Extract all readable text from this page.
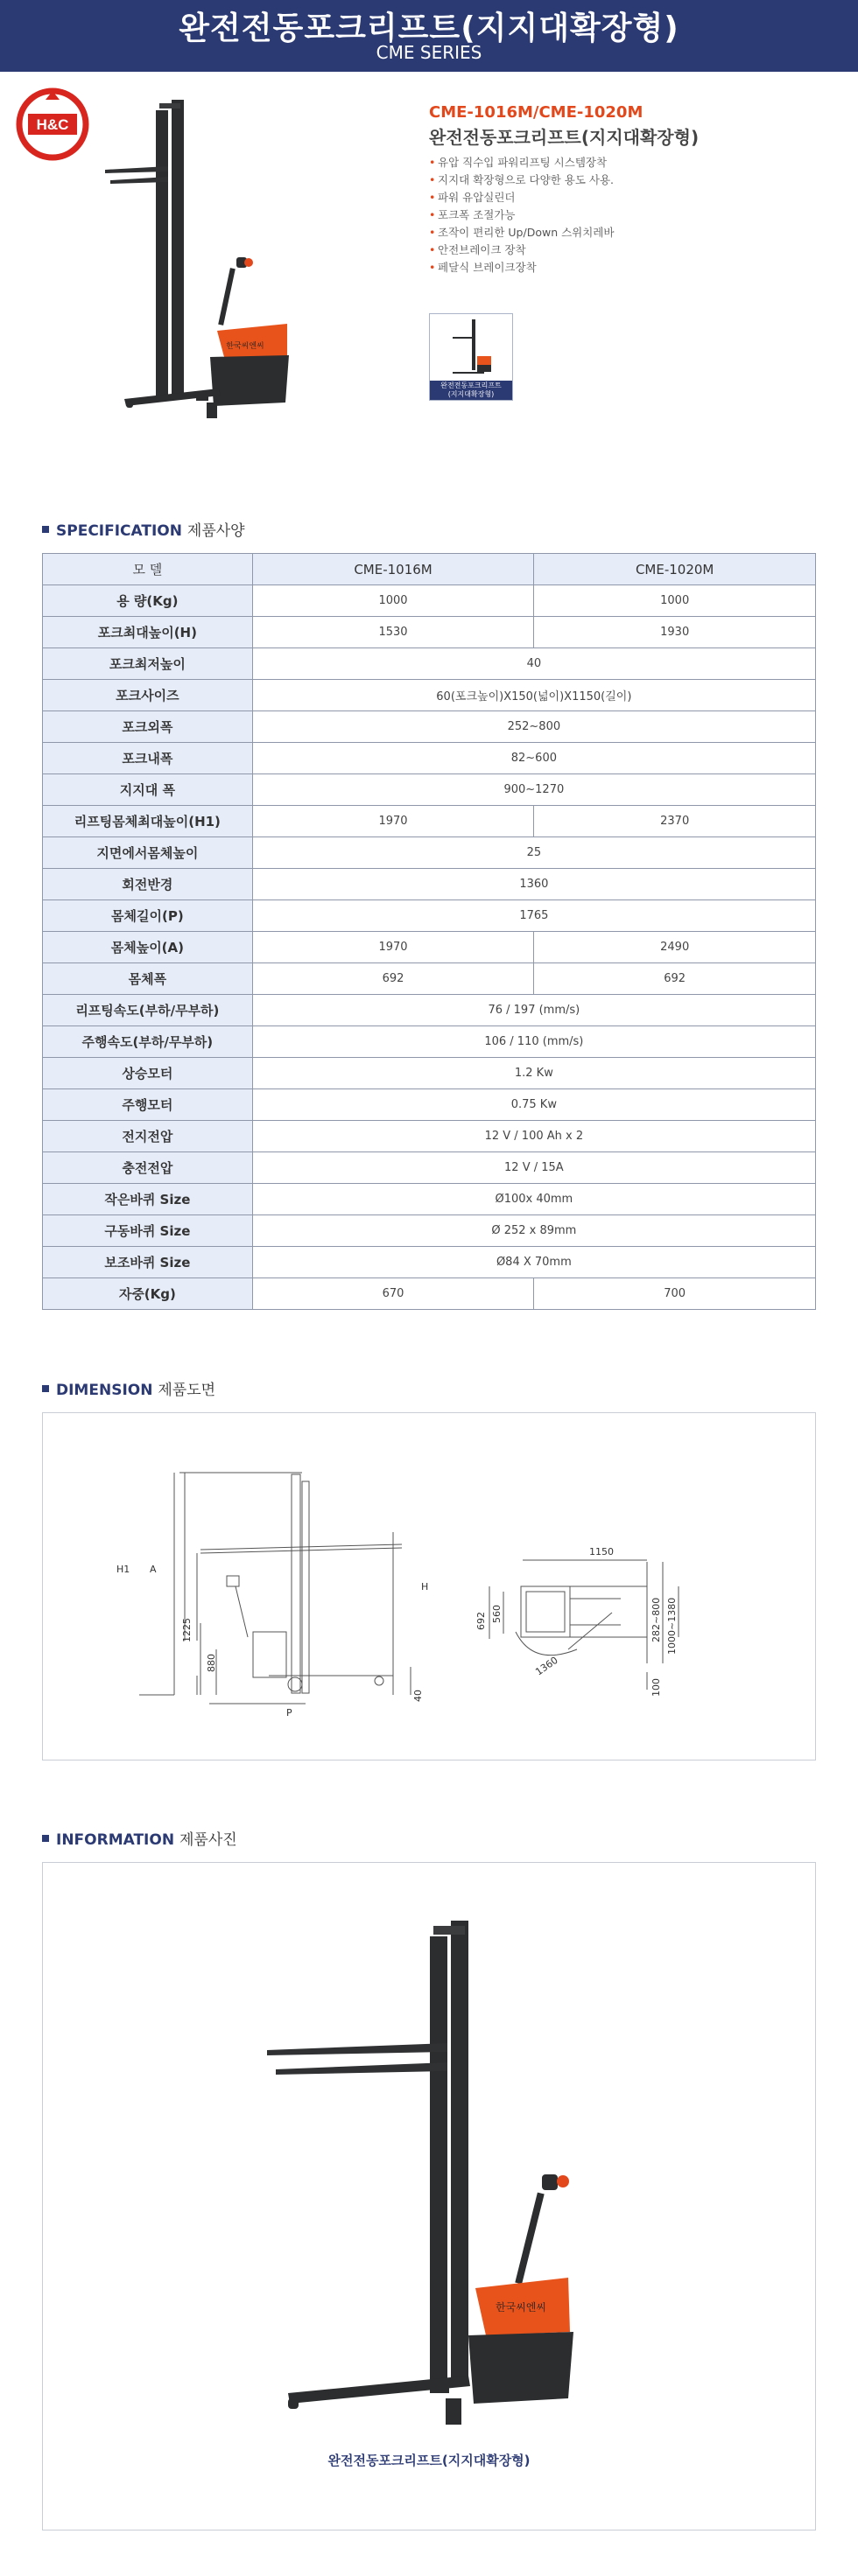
완전전동포크리프트(지지대확장형)
CME SERIES
H&C
한국씨엔씨
CME-1016M/CME-1020M
완전전동포크리프트(지지대확장형)
• 유압 직수입 파워리프팅 시스템장착
• 지지대 확장형으로 다양한 용도 사용.
• 파워 유압실린더
• 포크폭 조절가능
• 조작이 편리한 Up/Down 스위치레바
• 안전브레이크 장착
• 페달식 브레이크장착
완전전동포크리프트
(지지대확장형)
SPECIFICATION 제품사양
모 델	CME-1016M	CME-1020M
용 량(Kg)	1000	1000
포크최대높이(H)	1530	1930
포크최저높이	40	
포크사이즈	60(포크높이)X150(넓이)X1150(길이)	
포크외폭	252~800	
포크내폭	82~600	
지지대 폭	900~1270	
리프팅몸체최대높이(H1)	1970	2370
지면에서몸체높이	25	
회전반경	1360	
몸체길이(P)	1765	
몸체높이(A)	1970	2490
몸체폭	692	692
리프팅속도(부하/무부하)	76 / 197 (mm/s)	
주행속도(부하/무부하)	106 / 110 (mm/s)	
상승모터	1.2 Kw	
주행모터	0.75 Kw	
전지전압	12 V / 100 Ah x 2	
충전전압	12 V / 15A	
작은바퀴 Size	Ø100x 40mm	
구동바퀴 Size	Ø 252 x 89mm	
보조바퀴 Size	Ø84 X 70mm	
자중(Kg)	670	700
DIMENSION 제품도면
H1 A
H
P
1225
880
40
692 560
1360
1150
282~800 1000~1380
100
INFORMATION 제품사진
한국씨엔씨
완전전동포크리프트(지지대확장형)
